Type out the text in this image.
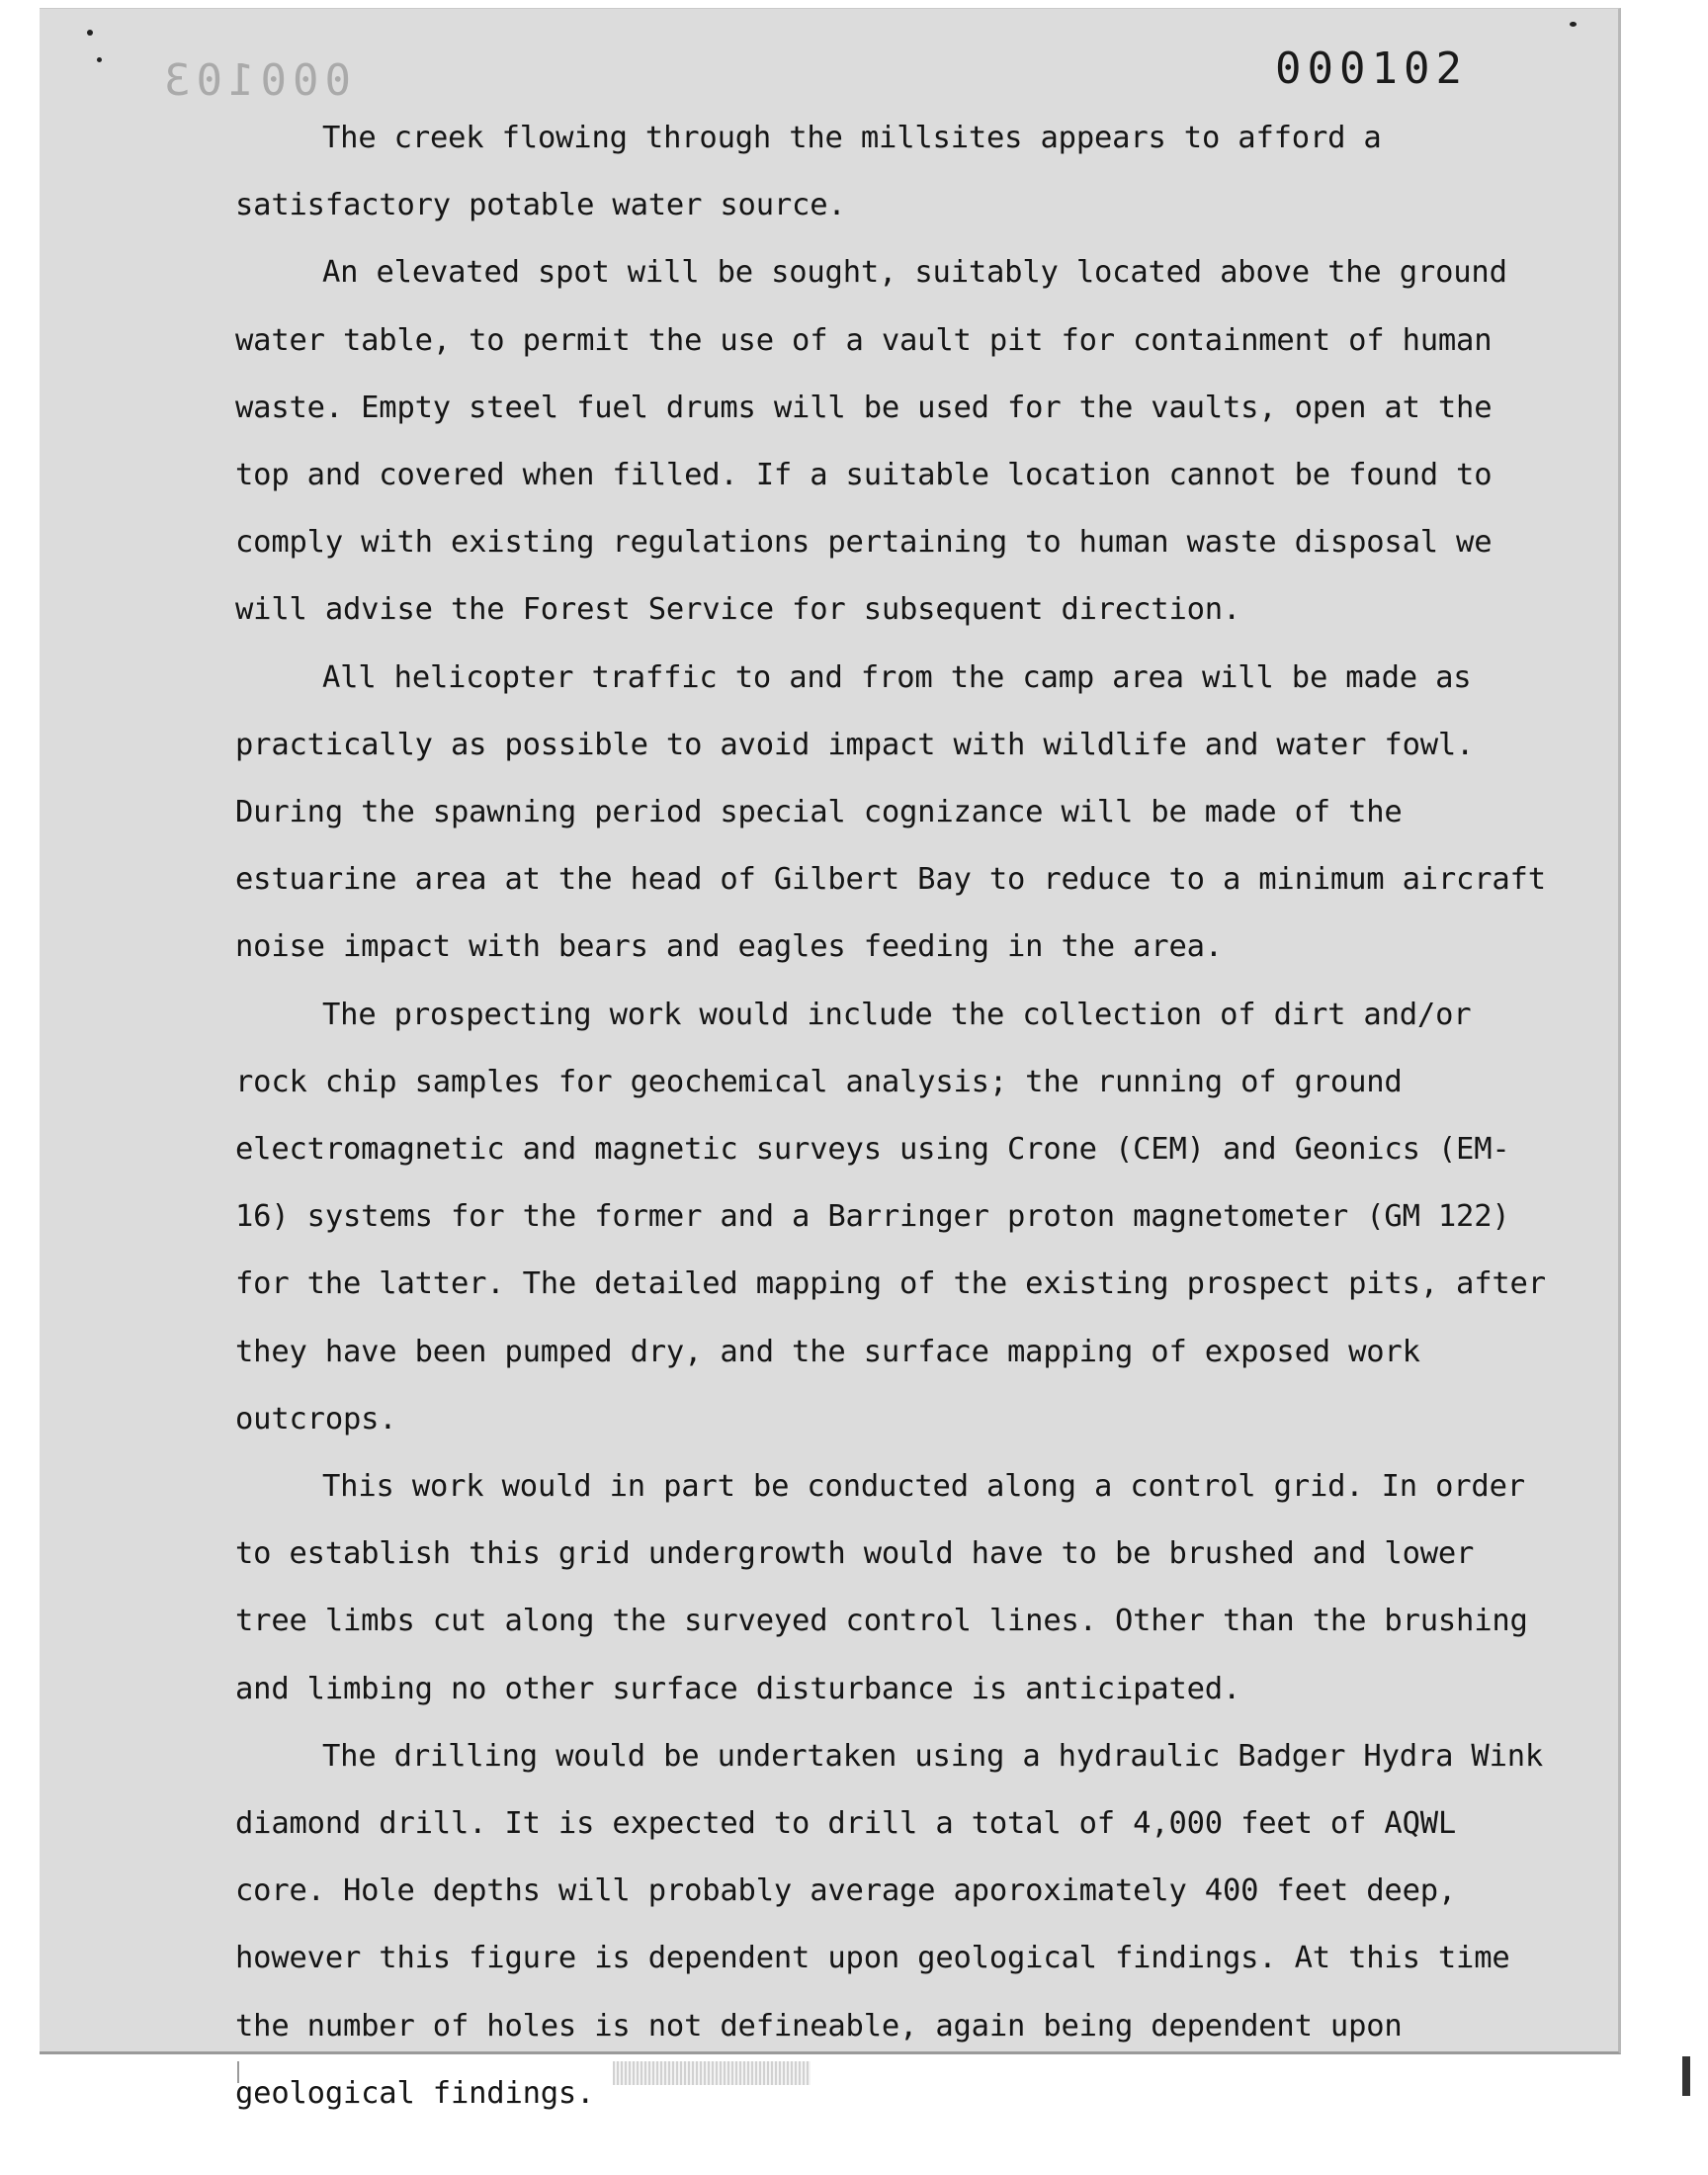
000103	000102

The creek flowing through the millsites appears to afford a satisfactory potable water source.

An elevated spot will be sought, suitably located above the ground water table, to permit the use of a vault pit for containment of human waste. Empty steel fuel drums will be used for the vaults, open at the top and covered when filled. If a suitable location cannot be found to comply with existing regulations pertaining to human waste disposal we will advise the Forest Service for subsequent direction.

All helicopter traffic to and from the camp area will be made as practically as possible to avoid impact with wildlife and water fowl. During the spawning period special cognizance will be made of the estuarine area at the head of Gilbert Bay to reduce to a minimum aircraft noise impact with bears and eagles feeding in the area.

The prospecting work would include the collection of dirt and/or rock chip samples for geochemical analysis; the running of ground electromagnetic and magnetic surveys using Crone (CEM) and Geonics (EM-16) systems for the former and a Barringer proton magnetometer (GM 122) for the latter. The detailed mapping of the existing prospect pits, after they have been pumped dry, and the surface mapping of exposed work outcrops.

This work would in part be conducted along a control grid. In order to establish this grid undergrowth would have to be brushed and lower tree limbs cut along the surveyed control lines. Other than the brushing and limbing no other surface disturbance is anticipated.

The drilling would be undertaken using a hydraulic Badger Hydra Wink diamond drill. It is expected to drill a total of 4,000 feet of AQWL core. Hole depths will probably average aporoximately 400 feet deep, however this figure is dependent upon geological findings. At this time the number of holes is not defineable, again being dependent upon geological findings.
